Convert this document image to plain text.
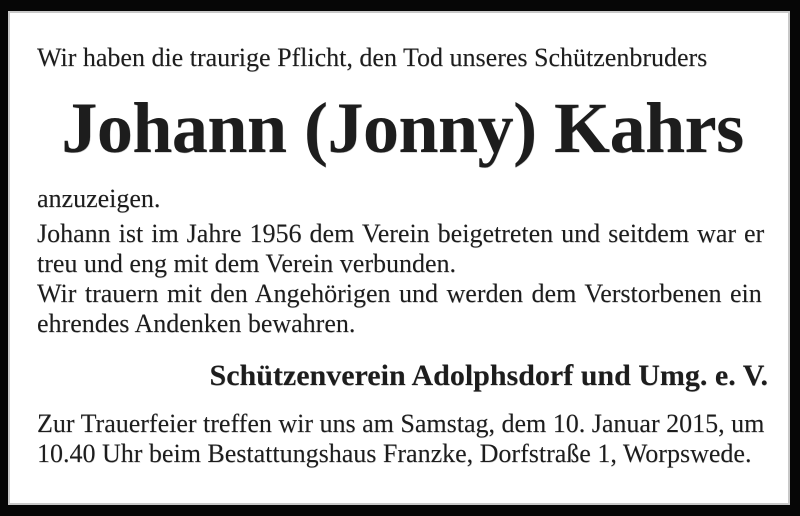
Wir haben die traurige Pflicht, den Tod unseres Schützenbruders
Johann (Jonny) Kahrs
anzuzeigen.
Johann ist im Jahre 1956 dem Verein beigetreten und seitdem war er
treu und eng mit dem Verein verbunden.
Wir trauern mit den Angehörigen und werden dem Verstorbenen ein
ehrendes Andenken bewahren.
Schützenverein Adolphsdorf und Umg. e. V.
Zur Trauerfeier treffen wir uns am Samstag, dem 10. Januar 2015, um
10.40 Uhr beim Bestattungshaus Franzke, Dorfstraße 1, Worpswede.
